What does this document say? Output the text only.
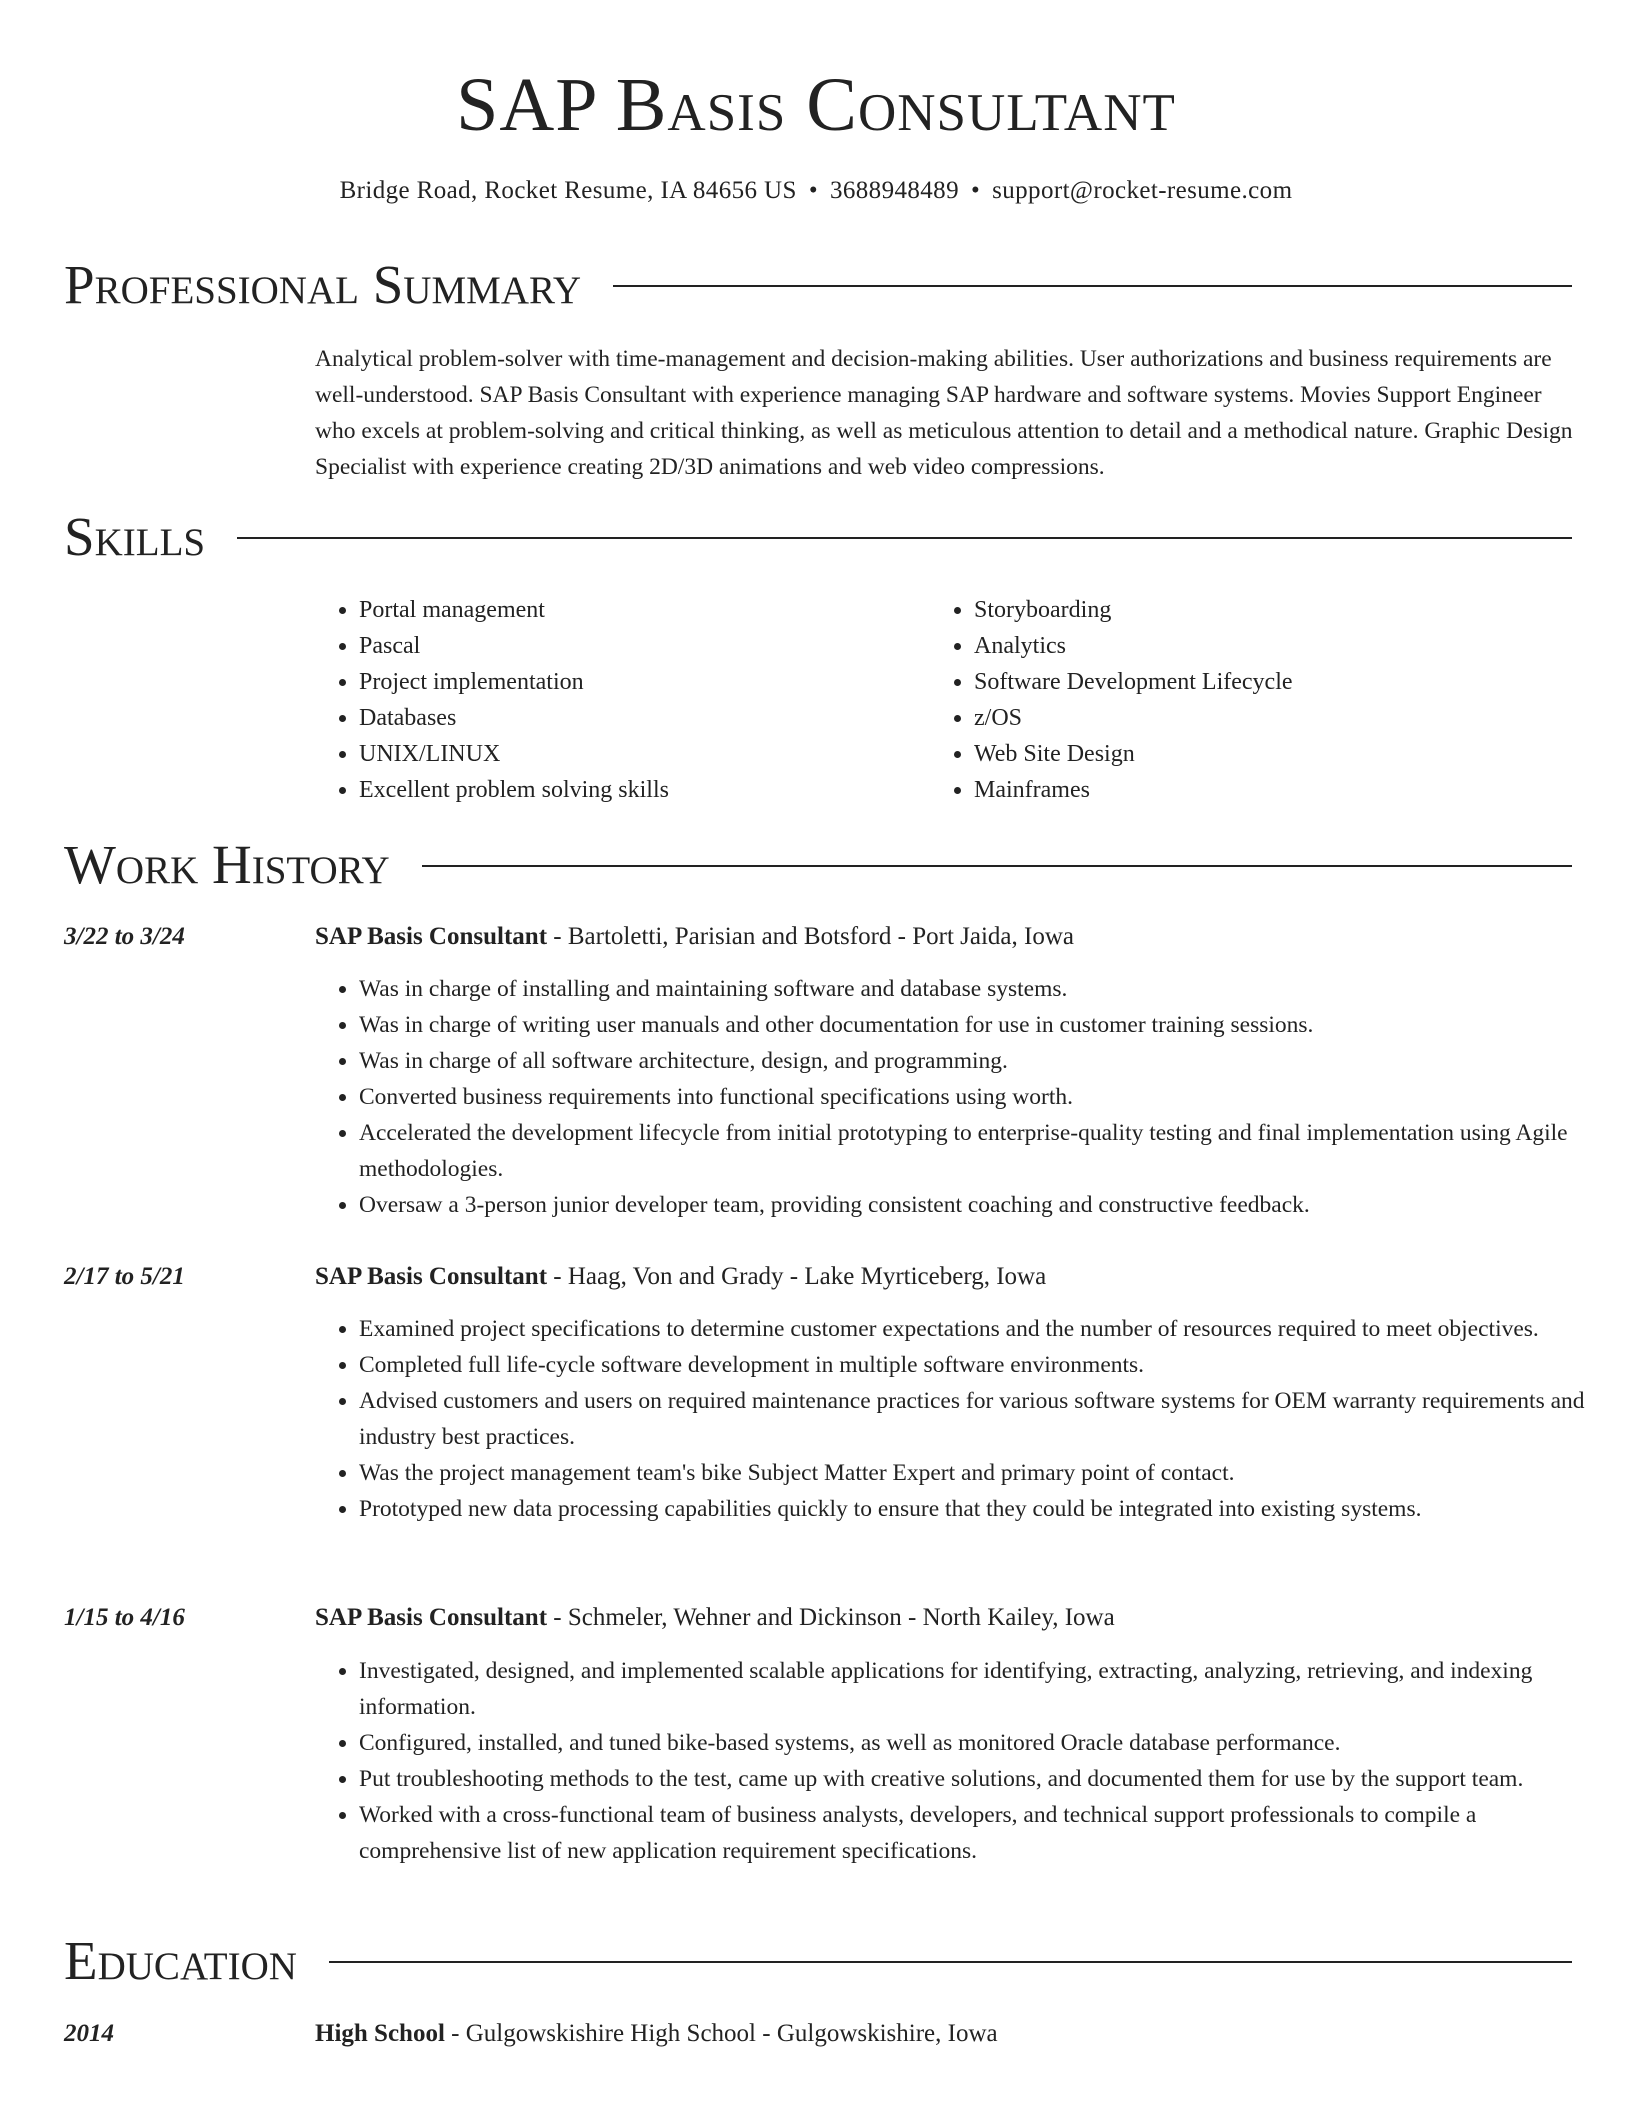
SAP Basis Consultant
Bridge Road, Rocket Resume, IA 84656 US • 3688948489 • support@rocket-resume.com
Professional Summary

Analytical problem-solver with time-management and decision-making abilities. User authorizations and business requirements are well-understood. SAP Basis Consultant with experience managing SAP hardware and software systems. Movies Support Engineer who excels at problem-solving and critical thinking, as well as meticulous attention to detail and a methodical nature. Graphic Design Specialist with experience creating 2D/3D animations and web video compressions.

Skills
• Portal management
• Pascal
• Project implementation
• Databases
• UNIX/LINUX
• Excellent problem solving skills
• Storyboarding
• Analytics
• Software Development Lifecycle
• z/OS
• Web Site Design
• Mainframes
Work History
3/22 to 3/24	SAP Basis Consultant - Bartoletti, Parisian and Botsford - Port Jaida, Iowa
• Was in charge of installing and maintaining software and database systems.
• Was in charge of writing user manuals and other documentation for use in customer training sessions.
• Was in charge of all software architecture, design, and programming.
• Converted business requirements into functional specifications using worth.
• Accelerated the development lifecycle from initial prototyping to enterprise-quality testing and final implementation using Agile methodologies.
• Oversaw a 3-person junior developer team, providing consistent coaching and constructive feedback.
2/17 to 5/21	SAP Basis Consultant - Haag, Von and Grady - Lake Myrticeberg, Iowa
• Examined project specifications to determine customer expectations and the number of resources required to meet objectives.
• Completed full life-cycle software development in multiple software environments.
• Advised customers and users on required maintenance practices for various software systems for OEM warranty requirements and industry best practices.
• Was the project management team's bike Subject Matter Expert and primary point of contact.
• Prototyped new data processing capabilities quickly to ensure that they could be integrated into existing systems.
1/15 to 4/16	SAP Basis Consultant - Schmeler, Wehner and Dickinson - North Kailey, Iowa
• Investigated, designed, and implemented scalable applications for identifying, extracting, analyzing, retrieving, and indexing information.
• Configured, installed, and tuned bike-based systems, as well as monitored Oracle database performance.
• Put troubleshooting methods to the test, came up with creative solutions, and documented them for use by the support team.
• Worked with a cross-functional team of business analysts, developers, and technical support professionals to compile a comprehensive list of new application requirement specifications.
Education
2014	High School - Gulgowskishire High School - Gulgowskishire, Iowa
